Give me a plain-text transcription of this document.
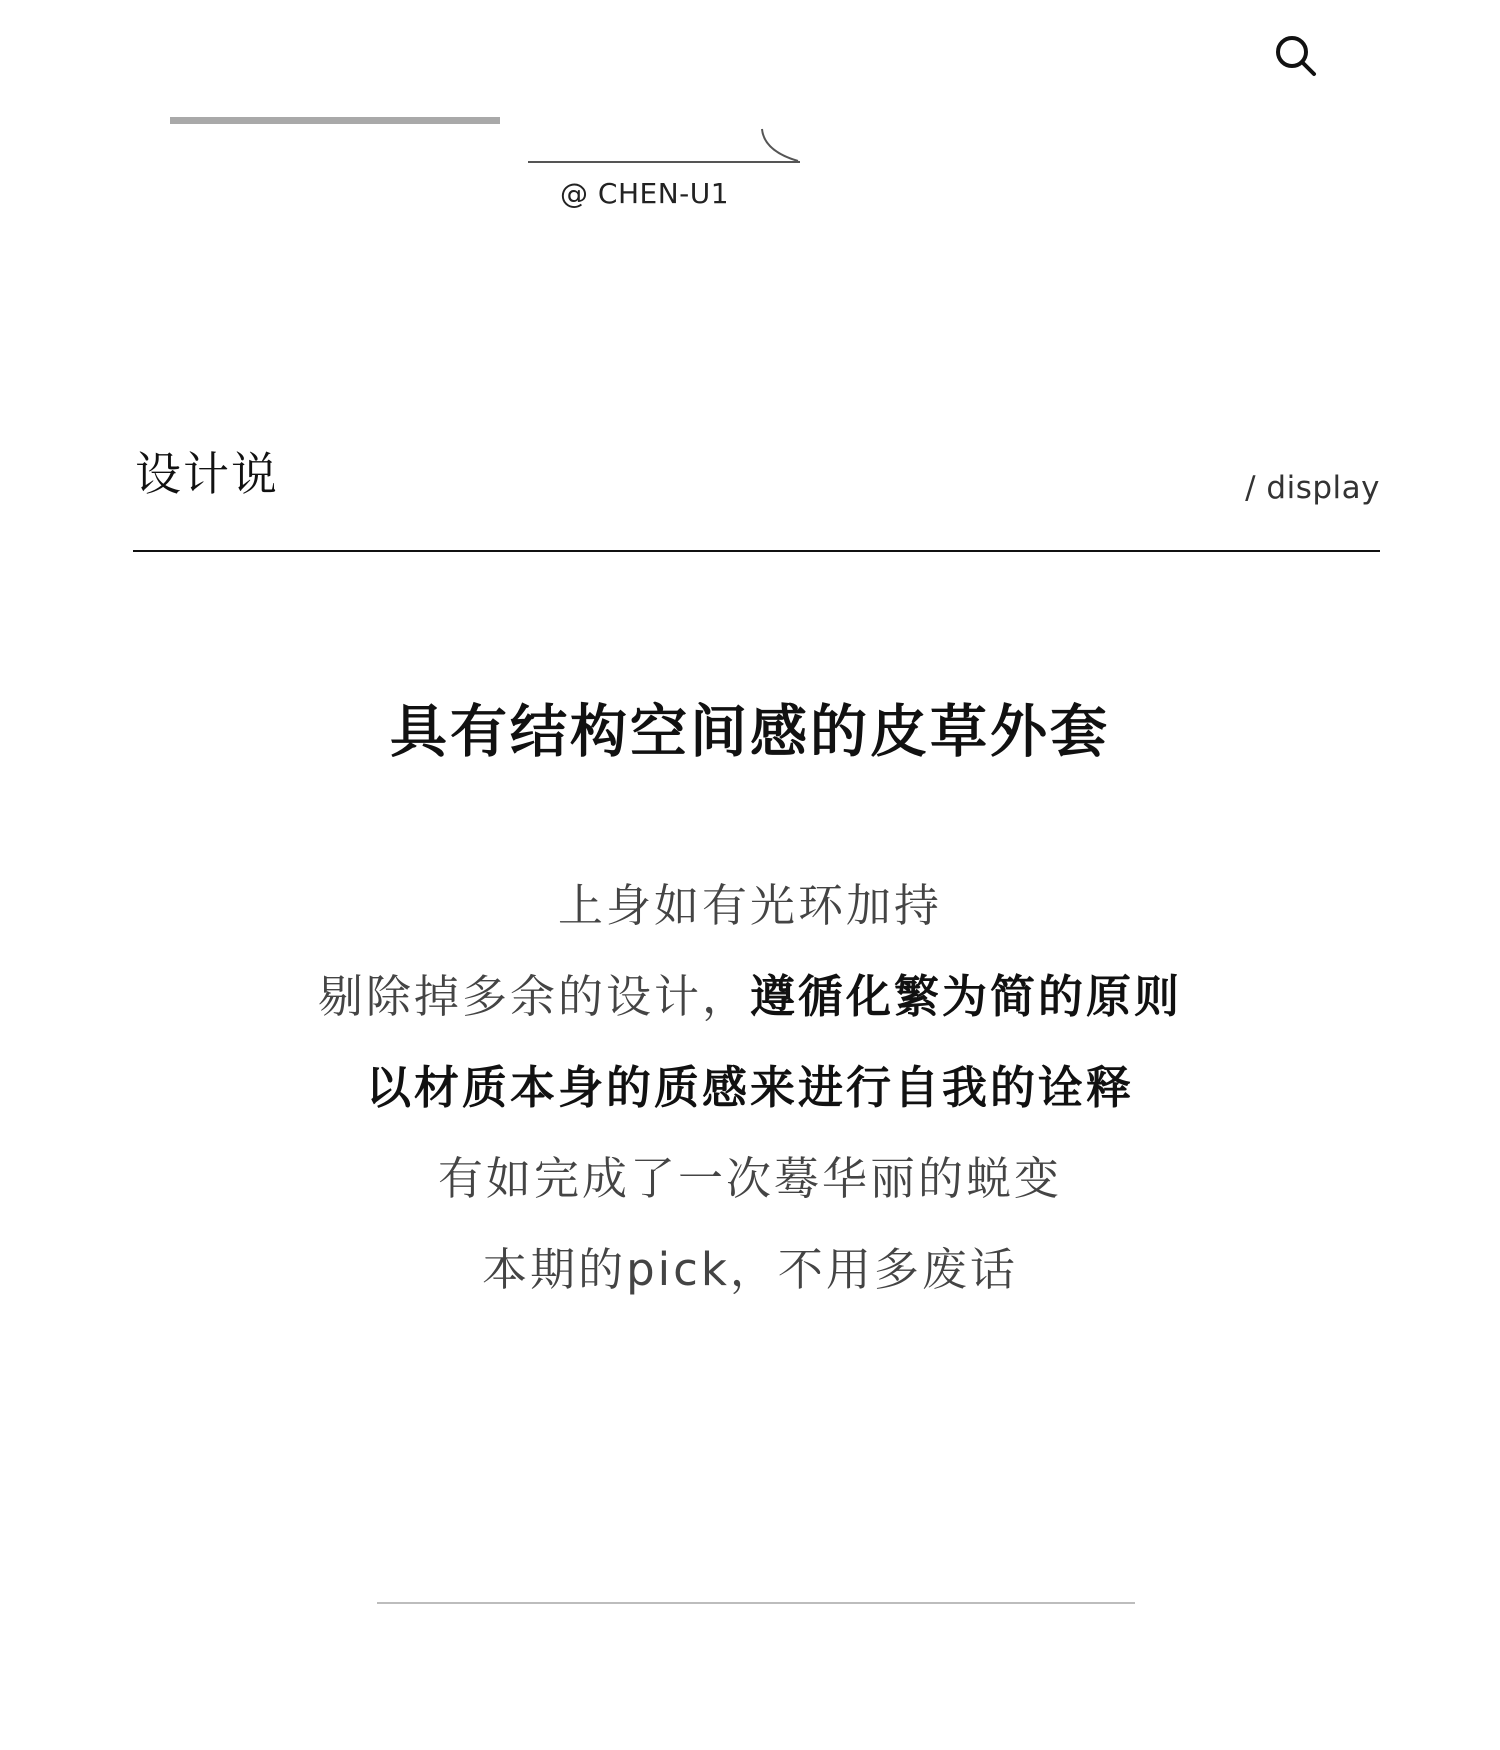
@ CHEN-U1
设计说	/ display
具有结构空间感的皮草外套
上身如有光环加持
剔除掉多余的设计，遵循化繁为简的原则
以材质本身的质感来进行自我的诠释
有如完成了一次蓦华丽的蜕变
本期的pick，不用多废话
